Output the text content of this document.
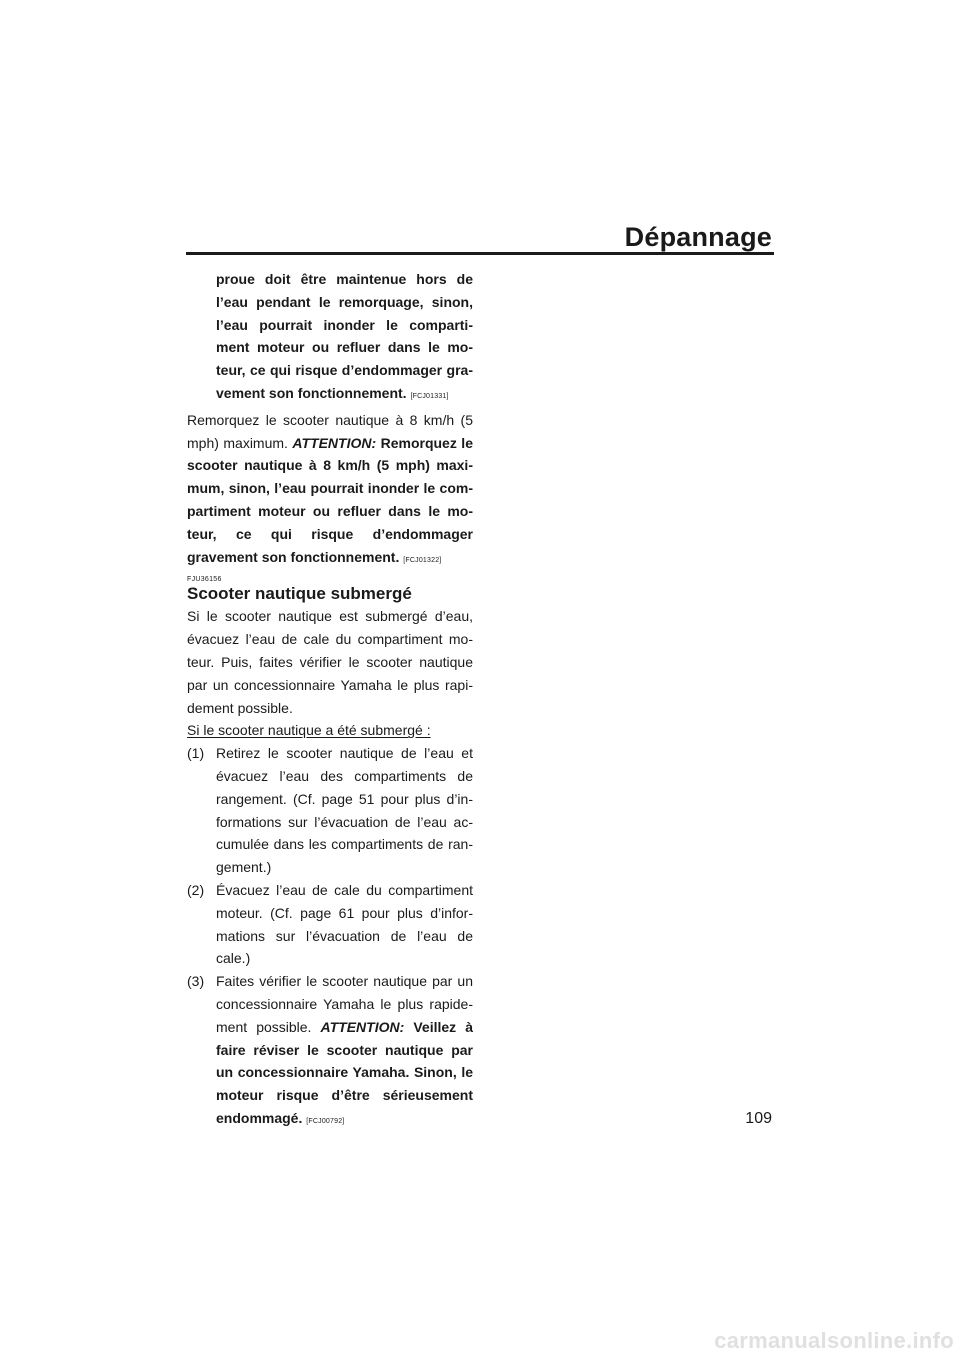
Dépannage

proue doit être maintenue hors de l’eau pendant le remorquage, sinon, l’eau pourrait inonder le comparti-ment moteur ou refluer dans le mo-teur, ce qui risque d’endommager gra-vement son fonctionnement. [FCJ01331]

Remorquez le scooter nautique à 8 km/h (5 mph) maximum. ATTENTION: Remorquez le scooter nautique à 8 km/h (5 mph) maxi-mum, sinon, l’eau pourrait inonder le com-partiment moteur ou refluer dans le mo-teur, ce qui risque d’endommager gravement son fonctionnement. [FCJ01322]

FJU36156
Scooter nautique submergé

Si le scooter nautique est submergé d’eau, évacuez l’eau de cale du compartiment mo-teur. Puis, faites vérifier le scooter nautique par un concessionnaire Yamaha le plus rapi-dement possible.

Si le scooter nautique a été submergé :

(1) Retirez le scooter nautique de l’eau et évacuez l’eau des compartiments de rangement. (Cf. page 51 pour plus d’in-formations sur l’évacuation de l’eau ac-cumulée dans les compartiments de ran-gement.)
(2) Évacuez l’eau de cale du compartiment moteur. (Cf. page 61 pour plus d’infor-mations sur l’évacuation de l’eau de cale.)
(3) Faites vérifier le scooter nautique par un concessionnaire Yamaha le plus rapide-ment possible. ATTENTION: Veillez à faire réviser le scooter nautique par un concessionnaire Yamaha. Sinon, le moteur risque d’être sérieusement endommagé. [FCJ00792]	109
carmanualsonline.info
